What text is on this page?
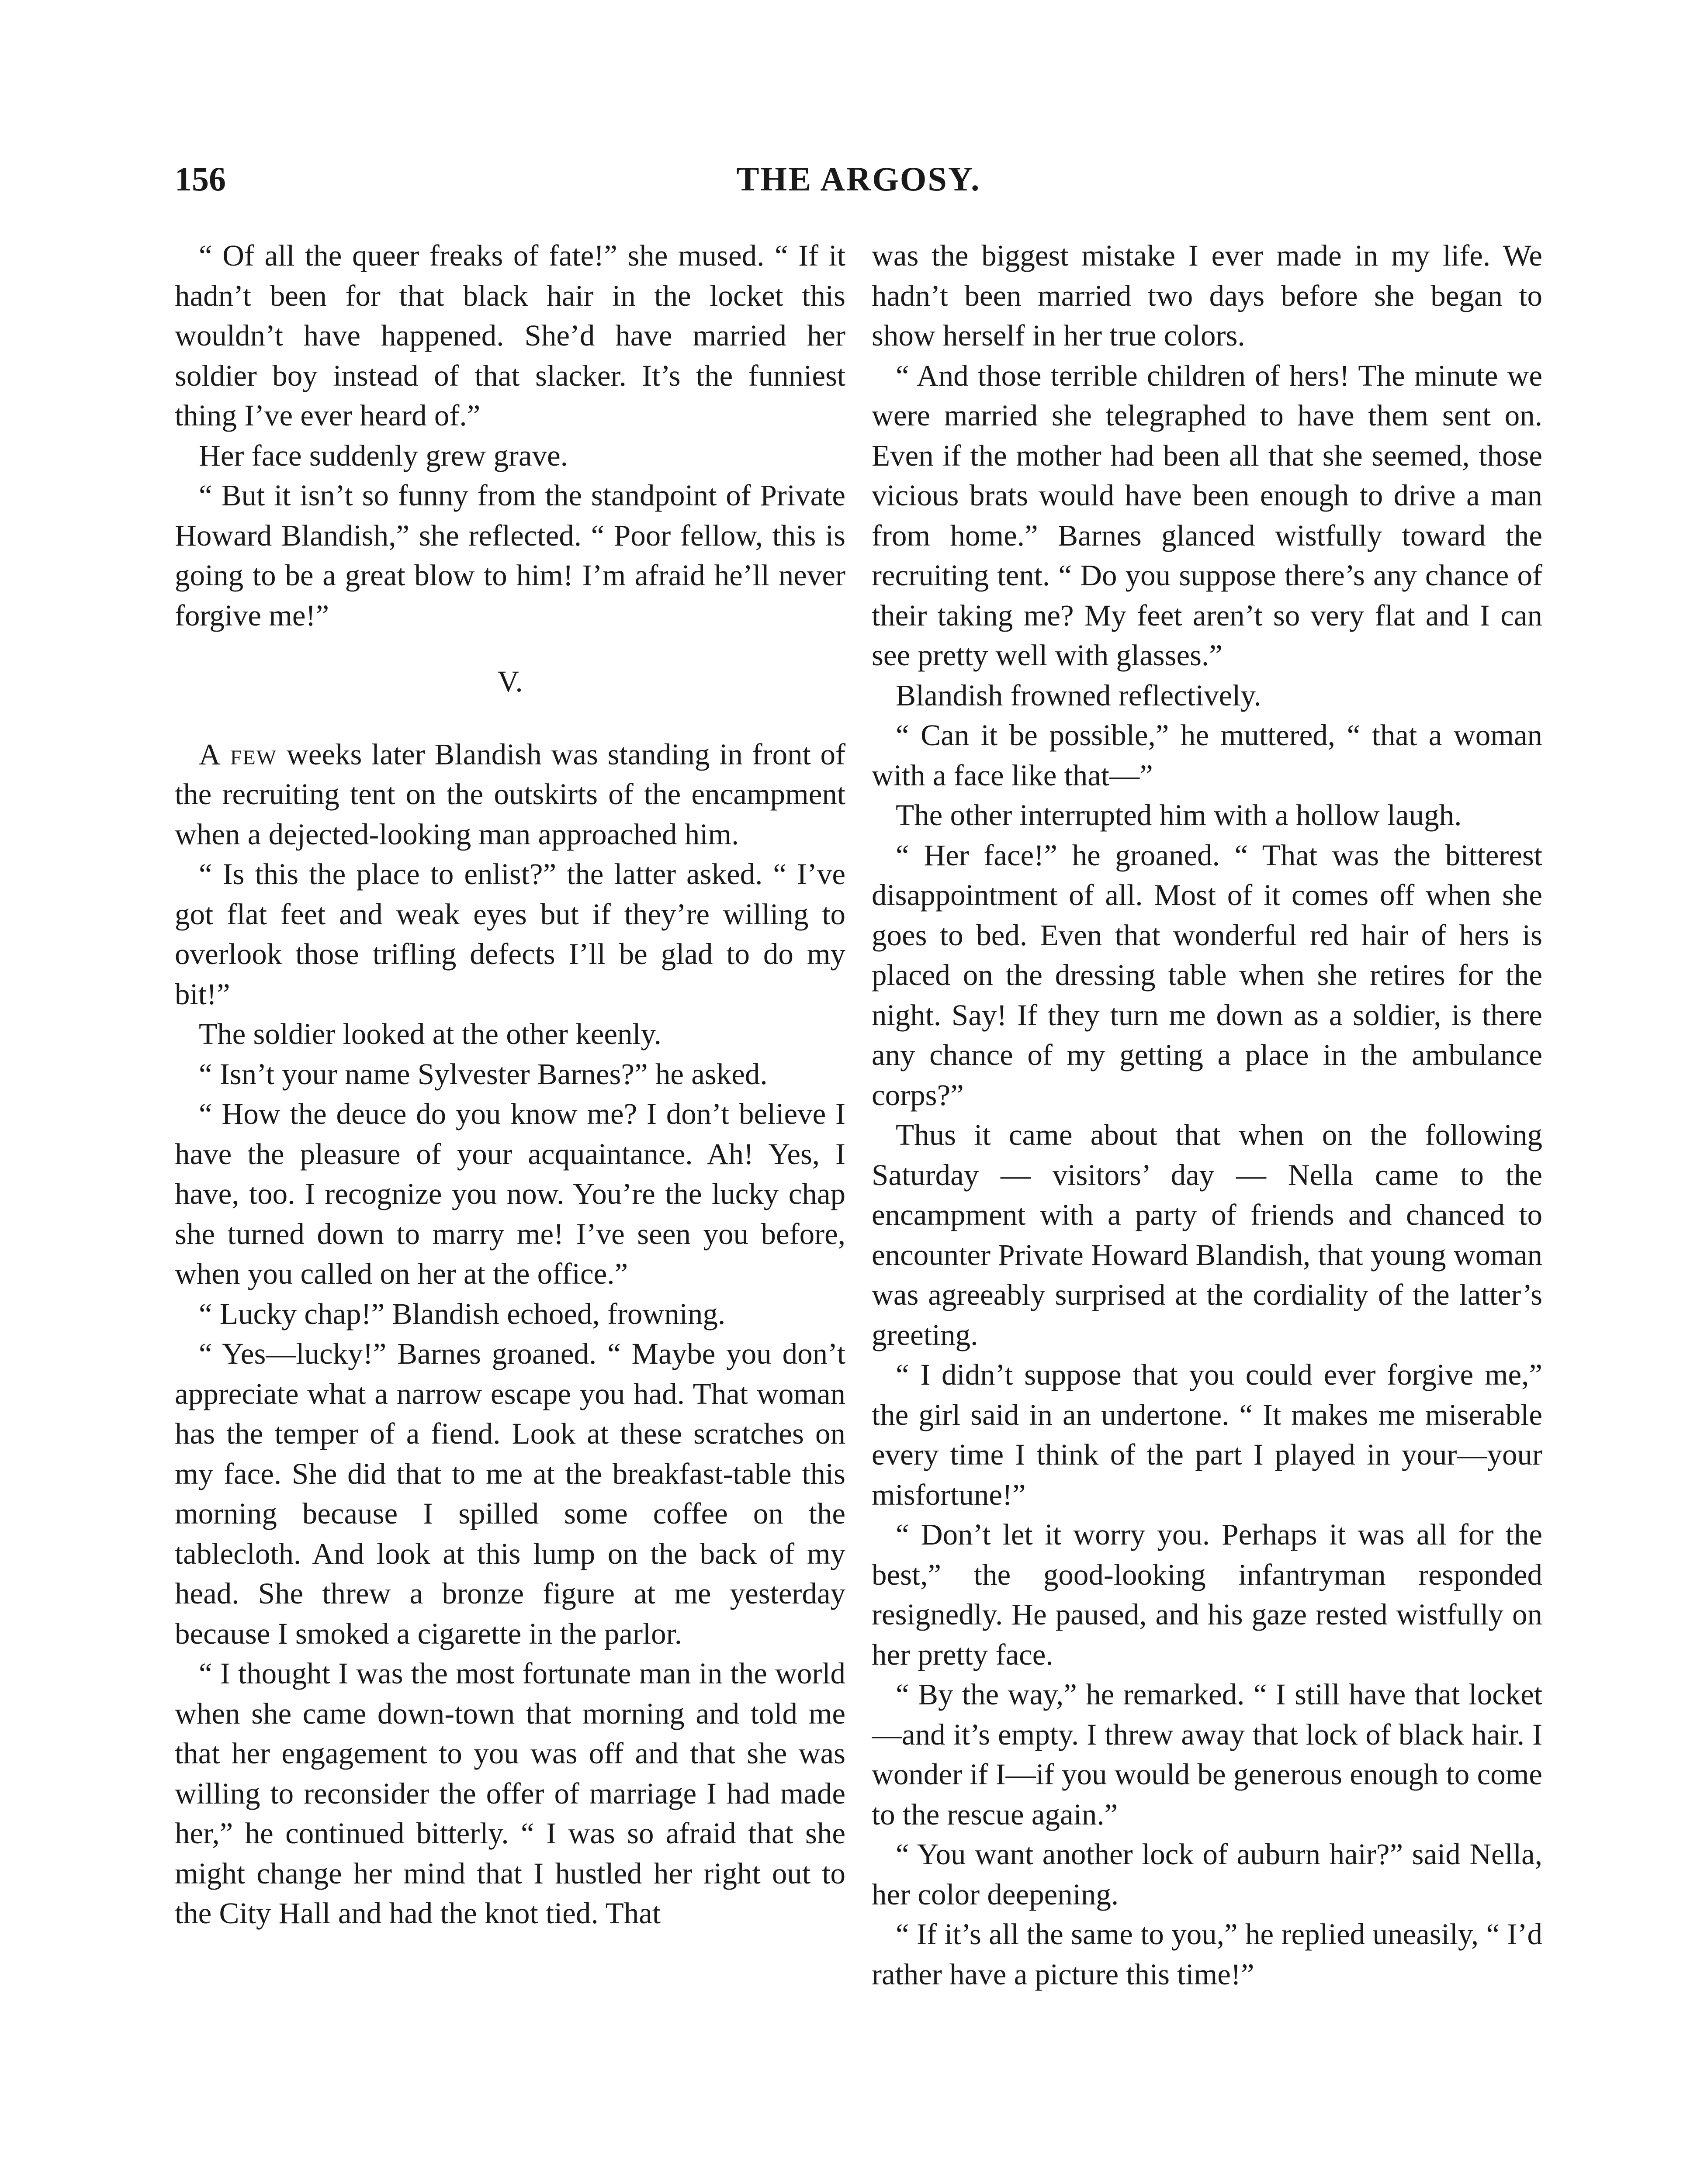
156	THE ARGOSY.

“ Of all the queer freaks of fate!” she mused. “ If it hadn’t been for that black hair in the locket this wouldn’t have happened. She’d have married her soldier boy instead of that slacker. It’s the funniest thing I’ve ever heard of.”

Her face suddenly grew grave.

“ But it isn’t so funny from the standpoint of Private Howard Blandish,” she reflected. “ Poor fellow, this is going to be a great blow to him! I’m afraid he’ll never forgive me!”

V.

A few weeks later Blandish was standing in front of the recruiting tent on the outskirts of the encampment when a dejected-looking man approached him.

“ Is this the place to enlist?” the latter asked. “ I’ve got flat feet and weak eyes but if they’re willing to overlook those trifling defects I’ll be glad to do my bit!”

The soldier looked at the other keenly.

“ Isn’t your name Sylvester Barnes?” he asked.

“ How the deuce do you know me? I don’t believe I have the pleasure of your acquaintance. Ah! Yes, I have, too. I recognize you now. You’re the lucky chap she turned down to marry me! I’ve seen you before, when you called on her at the office.”

“ Lucky chap!” Blandish echoed, frowning.

“ Yes—lucky!” Barnes groaned. “ Maybe you don’t appreciate what a narrow escape you had. That woman has the temper of a fiend. Look at these scratches on my face. She did that to me at the breakfast-table this morning because I spilled some coffee on the tablecloth. And look at this lump on the back of my head. She threw a bronze figure at me yesterday because I smoked a cigarette in the parlor.

“ I thought I was the most fortunate man in the world when she came down-town that morning and told me that her engagement to you was off and that she was willing to reconsider the offer of marriage I had made her,” he continued bitterly. “ I was so afraid that she might change her mind that I hustled her right out to the City Hall and had the knot tied. That

was the biggest mistake I ever made in my life. We hadn’t been married two days before she began to show herself in her true colors.

“ And those terrible children of hers! The minute we were married she telegraphed to have them sent on. Even if the mother had been all that she seemed, those vicious brats would have been enough to drive a man from home.” Barnes glanced wistfully toward the recruiting tent. “ Do you suppose there’s any chance of their taking me? My feet aren’t so very flat and I can see pretty well with glasses.”

Blandish frowned reflectively.

“ Can it be possible,” he muttered, “ that a woman with a face like that—”

The other interrupted him with a hollow laugh.

“ Her face!” he groaned. “ That was the bitterest disappointment of all. Most of it comes off when she goes to bed. Even that wonderful red hair of hers is placed on the dressing table when she retires for the night. Say! If they turn me down as a soldier, is there any chance of my getting a place in the ambulance corps?”

Thus it came about that when on the following Saturday — visitors’ day — Nella came to the encampment with a party of friends and chanced to encounter Private Howard Blandish, that young woman was agreeably surprised at the cordiality of the latter’s greeting.

“ I didn’t suppose that you could ever forgive me,” the girl said in an undertone. “ It makes me miserable every time I think of the part I played in your—your misfortune!”

“ Don’t let it worry you. Perhaps it was all for the best,” the good-looking infantryman responded resignedly. He paused, and his gaze rested wistfully on her pretty face.

“ By the way,” he remarked. “ I still have that locket—and it’s empty. I threw away that lock of black hair. I wonder if I—if you would be generous enough to come to the rescue again.”

“ You want another lock of auburn hair?” said Nella, her color deepening.

“ If it’s all the same to you,” he replied uneasily, “ I’d rather have a picture this time!”
